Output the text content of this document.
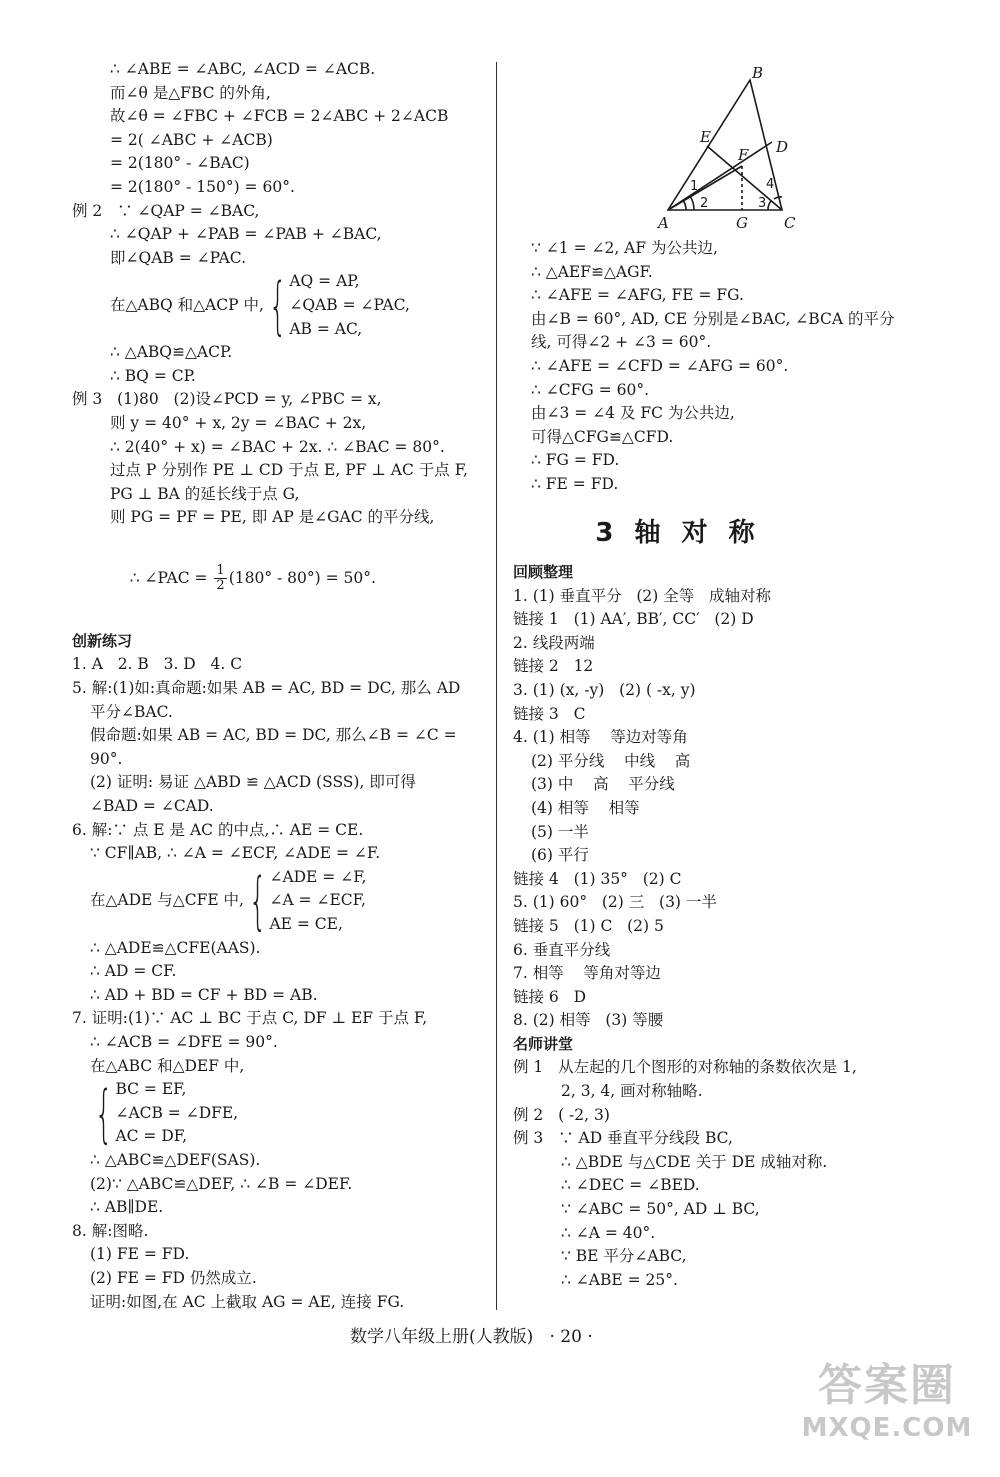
∴ ∠ABE = ∠ABC, ∠ACD = ∠ACB.
而∠θ 是△FBC 的外角,
故∠θ = ∠FBC + ∠FCB = 2∠ABC + 2∠ACB
= 2( ∠ABC + ∠ACB)
= 2(180° - ∠BAC)
= 2(180° - 150°) = 60°.
例 2   ∵ ∠QAP = ∠BAC,
∴ ∠QAP + ∠PAB = ∠PAB + ∠BAC,
即∠QAB = ∠PAC.
在△ABQ 和△ACP 中, { AQ = AP,
∠QAB = ∠PAC,
AB = AC,
∴ △ABQ≌△ACP.
∴ BQ = CP.
例 3   (1)80   (2)设∠PCD = y, ∠PBC = x,
则 y = 40° + x, 2y = ∠BAC + 2x,
∴ 2(40° + x) = ∠BAC + 2x. ∴ ∠BAC = 80°.
过点 P 分别作 PE ⊥ CD 于点 E, PF ⊥ AC 于点 F,
PG ⊥ BA 的延长线于点 G,
则 PG = PF = PE, 即 AP 是∠GAC 的平分线,

∴ ∠PAC = $\frac{1}{2} (180^\circ - 80^\circ) = 50^\circ$.

创新练习
1. A   2. B   3. D   4. C
5. 解:(1)如:真命题:如果 AB = AC, BD = DC, 那么 AD
平分∠BAC.
假命题:如果 AB = AC, BD = DC, 那么∠B = ∠C =
90°.
(2) 证明: 易证 △ABD ≌ △ACD (SSS), 即可得
∠BAD = ∠CAD.
6. 解:∵ 点 E 是 AC 的中点,∴ AE = CE.
∵ CF∥AB, ∴ ∠A = ∠ECF, ∠ADE = ∠F.
在△ADE 与△CFE 中, { ∠ADE = ∠F,
∠A = ∠ECF,
AE = CE,
∴ △ADE≌△CFE(AAS).
∴ AD = CF.
∴ AD + BD = CF + BD = AB.
7. 证明:(1)∵ AC ⊥ BC 于点 C, DF ⊥ EF 于点 F,
∴ ∠ACB = ∠DFE = 90°.
在△ABC 和△DEF 中,
{ BC = EF,
∠ACB = ∠DFE,
AC = DF,
∴ △ABC≌△DEF(SAS).
(2)∵ △ABC≌△DEF, ∴ ∠B = ∠DEF.
∴ AB∥DE.
8. 解:图略.
(1) FE = FD.
(2) FE = FD 仍然成立.
证明:如图,在 AC 上截取 AG = AE, 连接 FG.
B
E
F D
A	G C
1
2	3
4
∵ ∠1 = ∠2, AF 为公共边,
∴ △AEF≌△AGF.
∴ ∠AFE = ∠AFG, FE = FG.
由∠B = 60°, AD, CE 分别是∠BAC, ∠BCA 的平分
线, 可得∠2 + ∠3 = 60°.
∴ ∠AFE = ∠CFD = ∠AFG = 60°.
∴ ∠CFG = 60°.
由∠3 = ∠4 及 FC 为公共边,
可得△CFG≌△CFD.
∴ FG = FD.
∴ FE = FD.
3 轴 对 称
回顾整理
1. (1) 垂直平分   (2) 全等   成轴对称
链接 1   (1) AA′, BB′, CC′   (2) D
2. 线段两端
链接 2   12
3. (1) (x, -y)   (2) ( -x, y)
链接 3   C
4. (1) 相等    等边对等角
(2) 平分线    中线    高
(3) 中    高    平分线
(4) 相等    相等
(5) 一半
(6) 平行
链接 4   (1) 35°   (2) C
5. (1) 60°   (2) 三   (3) 一半
链接 5   (1) C   (2) 5
6. 垂直平分线
7. 相等    等角对等边
链接 6   D
8. (2) 相等   (3) 等腰
名师讲堂
例 1   从左起的几个图形的对称轴的条数依次是 1,
2, 3, 4, 画对称轴略.
例 2   ( -2, 3)
例 3   ∵ AD 垂直平分线段 BC,
∴ △BDE 与△CDE 关于 DE 成轴对称.
∴ ∠DEC = ∠BED.
∵ ∠ABC = 50°, AD ⊥ BC,
∴ ∠A = 40°.
∵ BE 平分∠ABC,
∴ ∠ABE = 25°.
数学八年级上册(人教版)   · 20 ·
答案圈
MXQE.COM
